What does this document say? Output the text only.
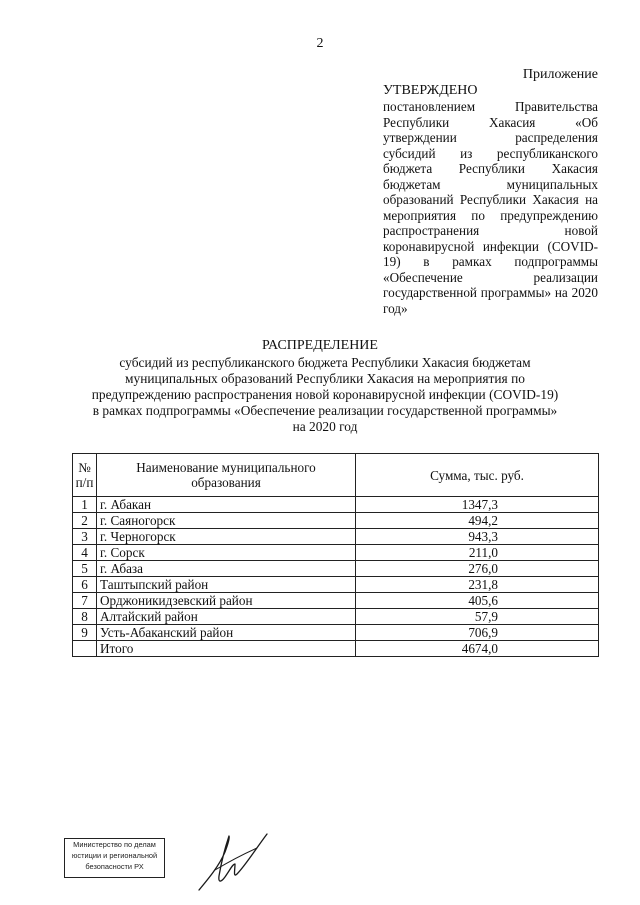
2
Приложение
УТВЕРЖДЕНО
постановлением Правительства Республики Хакасия «Об утверждении распределения субсидий из республиканского бюджета Республики Хакасия бюджетам муниципальных образований Республики Хакасия на мероприятия по предупреждению распространения новой коронавирусной инфекции (COVID-19) в рамках подпрограммы «Обеспечение реализации государственной программы» на 2020 год»
РАСПРЕДЕЛЕНИЕ
субсидий из республиканского бюджета Республики Хакасия бюджетам муниципальных образований Республики Хакасия на мероприятия по предупреждению распространения новой коронавирусной инфекции (COVID-19) в рамках подпрограммы «Обеспечение реализации государственной программы» на 2020 год
№ п/п	Наименование муниципального образования	Сумма, тыс. руб.
1	г. Абакан	1347,3
2	г. Саяногорск	494,2
3	г. Черногорск	943,3
4	г. Сорск	211,0
5	г. Абаза	276,0
6	Таштыпский район	231,8
7	Орджоникидзевский район	405,6
8	Алтайский район	57,9
9	Усть-Абаканский район	706,9
	Итого	4674,0
Министерство по делам
юстиции и региональной
безопасности РХ
